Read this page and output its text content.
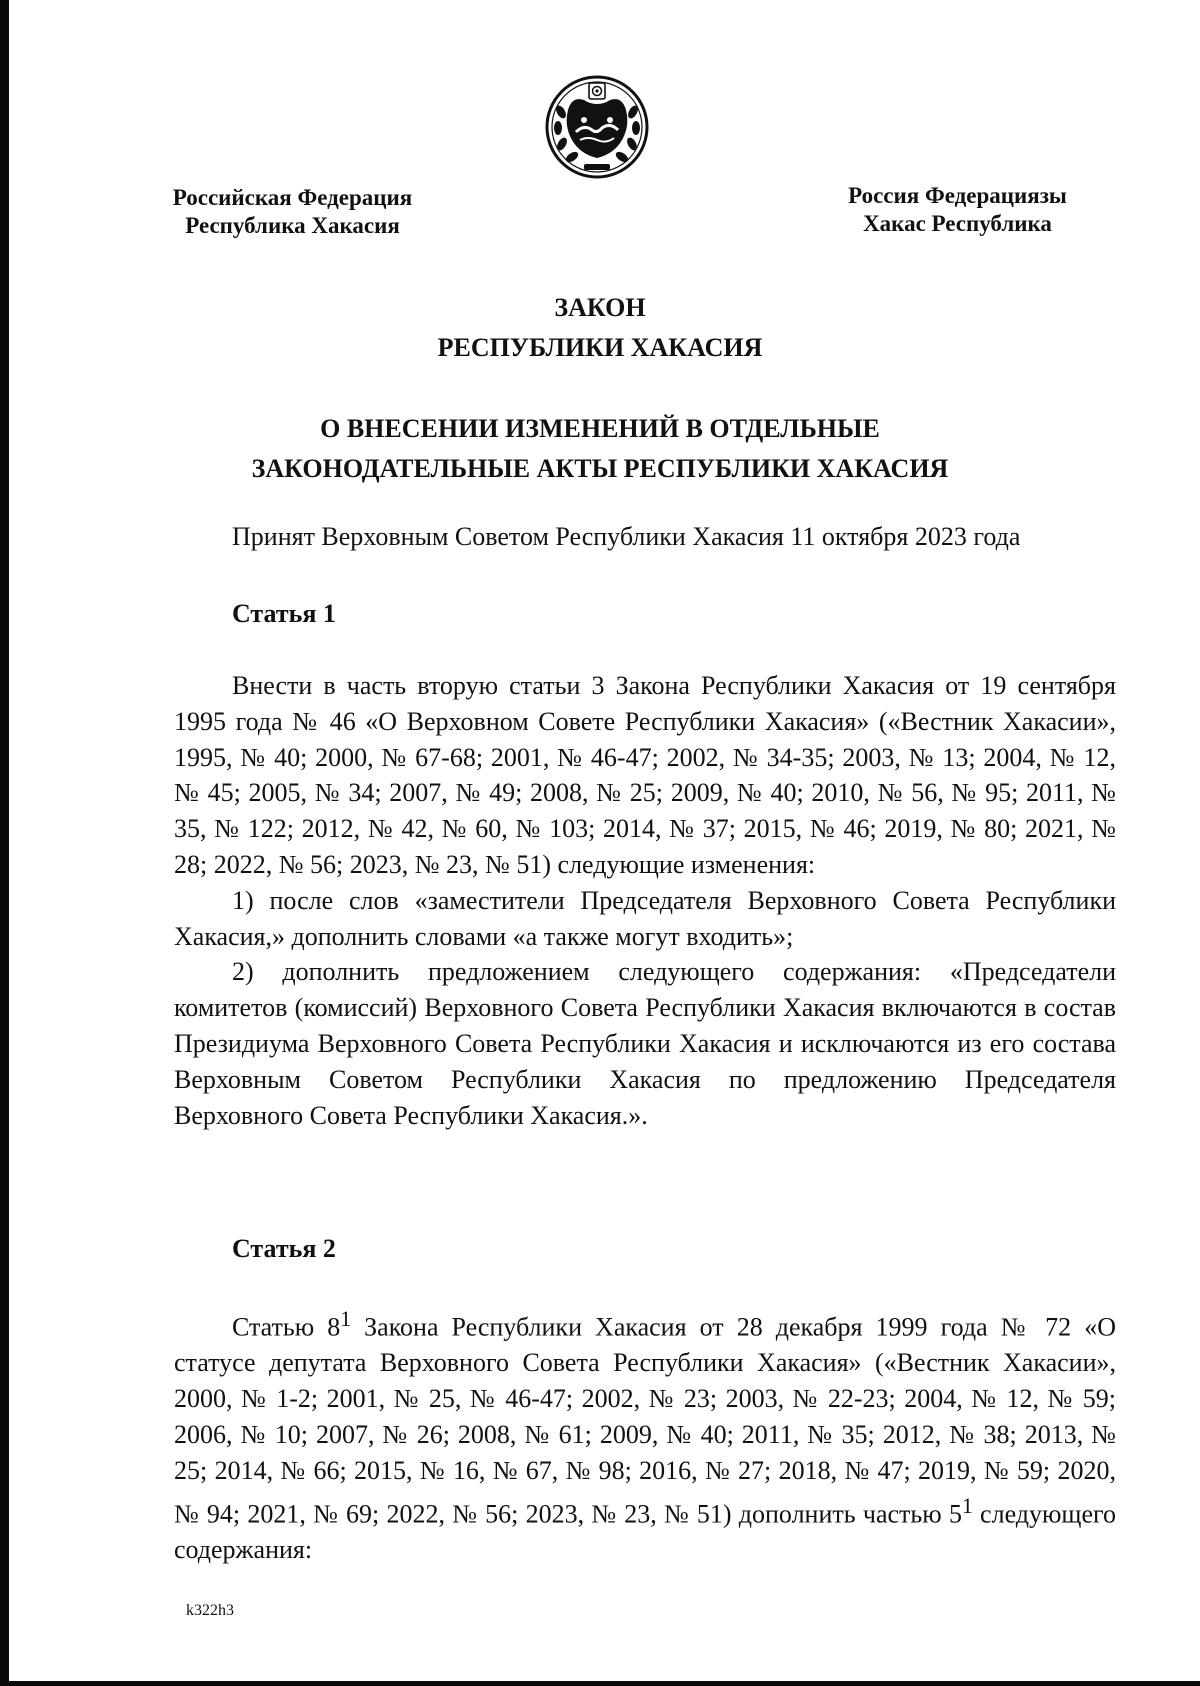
Российская Федерация
Республика Хакасия
Россия Федерациязы
Хакас Республика
ЗАКОН
РЕСПУБЛИКИ ХАКАСИЯ
О ВНЕСЕНИИ ИЗМЕНЕНИЙ В ОТДЕЛЬНЫЕ
ЗАКОНОДАТЕЛЬНЫЕ АКТЫ РЕСПУБЛИКИ ХАКАСИЯ
Принят Верховным Советом Республики Хакасия 11 октября 2023 года
Статья 1

Внести в часть вторую статьи 3 Закона Республики Хакасия от 19 сентября 1995 года № 46 «О Верховном Совете Республики Хакасия» («Вестник Хакасии», 1995, № 40; 2000, № 67-68; 2001, № 46-47; 2002, № 34-35; 2003, № 13; 2004, № 12, № 45; 2005, № 34; 2007, № 49; 2008, № 25; 2009, № 40; 2010, № 56, № 95; 2011, № 35, № 122; 2012, № 42, № 60, № 103; 2014, № 37; 2015, № 46; 2019, № 80; 2021, № 28; 2022, № 56; 2023, № 23, № 51) следующие изменения:

1) после слов «заместители Председателя Верховного Совета Республики Хакасия,» дополнить словами «а также могут входить»;

2) дополнить предложением следующего содержания: «Председатели комитетов (комиссий) Верховного Совета Республики Хакасия включаются в состав Президиума Верховного Совета Республики Хакасия и исключаются из его состава Верховным Советом Республики Хакасия по предложению Председателя Верховного Совета Республики Хакасия.».

Статья 2

Статью $8^1$ Закона Республики Хакасия от 28 декабря 1999 года № 72 «О статусе депутата Верховного Совета Республики Хакасия» («Вестник Хакасии», 2000, № 1-2; 2001, № 25, № 46-47; 2002, № 23; 2003, № 22-23; 2004, № 12, № 59; 2006, № 10; 2007, № 26; 2008, № 61; 2009, № 40; 2011, № 35; 2012, № 38; 2013, № 25; 2014, № 66; 2015, № 16, № 67, № 98; 2016, № 27; 2018, № 47; 2019, № 59; 2020, № 94; 2021, № 69; 2022, № 56; 2023, № 23, № 51) дополнить частью $5^1$ следующего содержания:

k322h3
